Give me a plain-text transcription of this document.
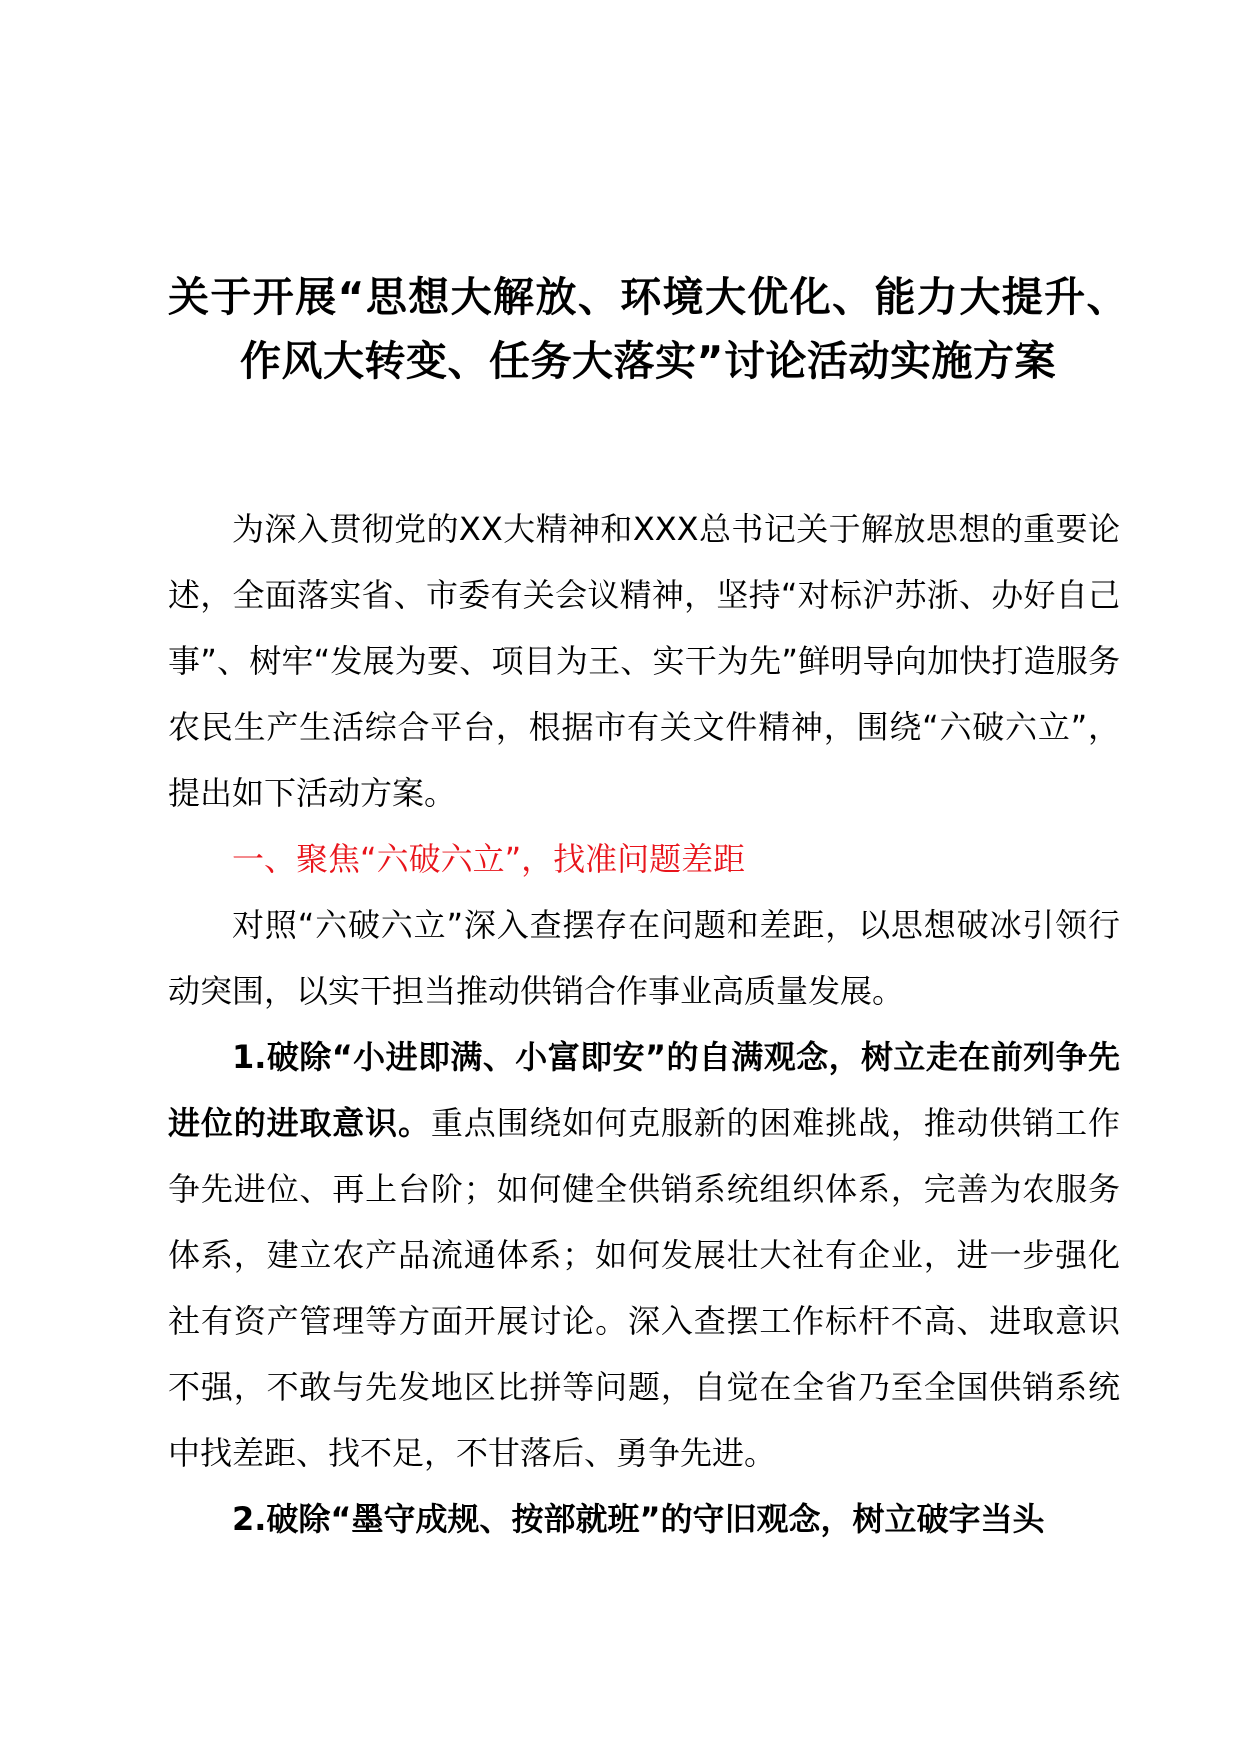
关于开展“思想大解放、环境大优化、能力大提升、作风大转变、任务大落实”讨论活动实施方案

为深入贯彻党的XX大精神和XXX总书记关于解放思想的重要论述，全面落实省、市委有关会议精神，坚持“对标沪苏浙、办好自己事”、树牢“发展为要、项目为王、实干为先”鲜明导向加快打造服务农民生产生活综合平台，根据市有关文件精神，围绕“六破六立”，提出如下活动方案。

一、聚焦“六破六立”，找准问题差距

对照“六破六立”深入查摆存在问题和差距，以思想破冰引领行动突围，以实干担当推动供销合作事业高质量发展。

1.破除“小进即满、小富即安”的自满观念，树立走在前列争先进位的进取意识。重点围绕如何克服新的困难挑战，推动供销工作争先进位、再上台阶；如何健全供销系统组织体系，完善为农服务体系，建立农产品流通体系；如何发展壮大社有企业，进一步强化社有资产管理等方面开展讨论。深入查摆工作标杆不高、进取意识不强，不敢与先发地区比拼等问题，自觉在全省乃至全国供销系统中找差距、找不足，不甘落后、勇争先进。

2.破除“墨守成规、按部就班”的守旧观念，树立破字当头
